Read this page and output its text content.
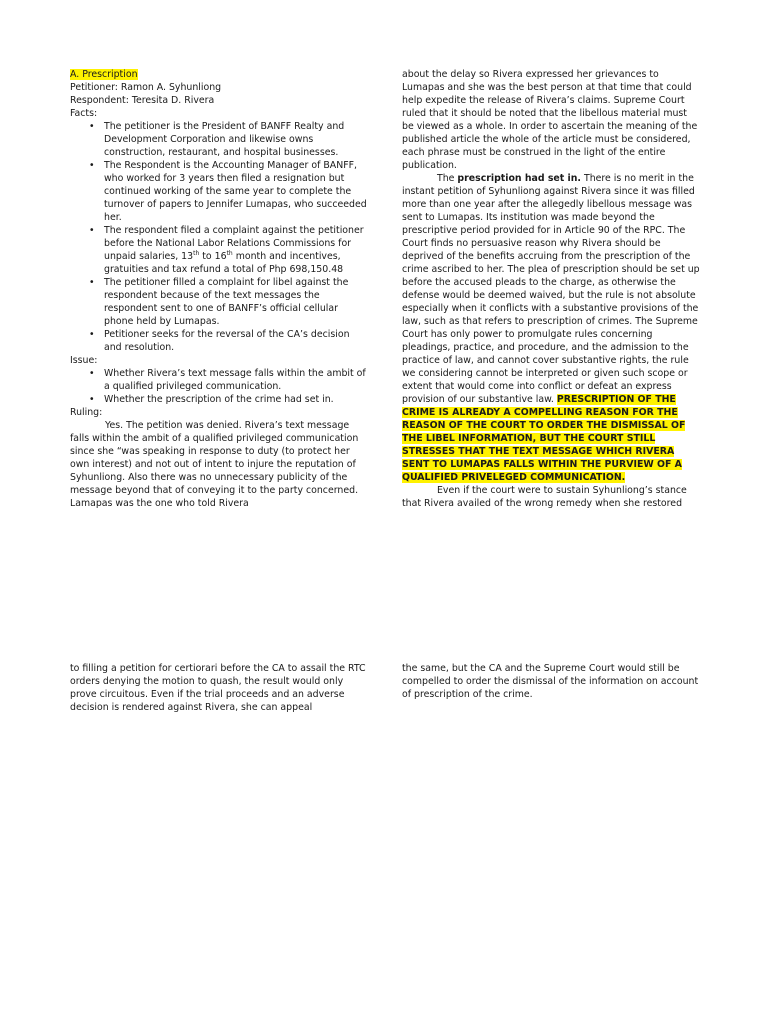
A. Prescription
Petitioner: Ramon A. Syhunliong
Respondent: Teresita D. Rivera
Facts:
• The petitioner is the President of BANFF Realty and Development Corporation and likewise owns construction, restaurant, and hospital businesses.
• The Respondent is the Accounting Manager of BANFF, who worked for 3 years then filed a resignation but continued working of the same year to complete the turnover of papers to Jennifer Lumapas, who succeeded her.
• The respondent filed a complaint against the petitioner before the National Labor Relations Commissions for unpaid salaries, 13th to 16th month and incentives, gratuities and tax refund a total of Php 698,150.48
• The petitioner filled a complaint for libel against the respondent because of the text messages the respondent sent to one of BANFF’s official cellular phone held by Lumapas.
• Petitioner seeks for the reversal of the CA’s decision and resolution.
Issue:
• Whether Rivera’s text message falls within the ambit of a qualified privileged communication.
• Whether the prescription of the crime had set in.
Ruling:

Yes. The petition was denied. Rivera’s text message falls within the ambit of a qualified privileged communication since she “was speaking in response to duty (to protect her own interest) and not out of intent to injure the reputation of Syhunliong. Also there was no unnecessary publicity of the message beyond that of conveying it to the party concerned. Lamapas was the one who told Rivera

about the delay so Rivera expressed her grievances to Lumapas and she was the best person at that time that could help expedite the release of Rivera’s claims. Supreme Court ruled that it should be noted that the libellous material must be viewed as a whole. In order to ascertain the meaning of the published article the whole of the article must be considered, each phrase must be construed in the light of the entire publication.

The prescription had set in. There is no merit in the instant petition of Syhunliong against Rivera since it was filled more than one year after the allegedly libellous message was sent to Lumapas. Its institution was made beyond the prescriptive period provided for in Article 90 of the RPC. The Court finds no persuasive reason why Rivera should be deprived of the benefits accruing from the prescription of the crime ascribed to her. The plea of prescription should be set up before the accused pleads to the charge, as otherwise the defense would be deemed waived, but the rule is not absolute especially when it conflicts with a substantive provisions of the law, such as that refers to prescription of crimes. The Supreme Court has only power to promulgate rules concerning pleadings, practice, and procedure, and the admission to the practice of law, and cannot cover substantive rights, the rule we considering cannot be interpreted or given such scope or extent that would come into conflict or defeat an express provision of our substantive law. PRESCRIPTION OF THE CRIME IS ALREADY A COMPELLING REASON FOR THE REASON OF THE COURT TO ORDER THE DISMISSAL OF THE LIBEL INFORMATION, BUT THE COURT STILL STRESSES THAT THE TEXT MESSAGE WHICH RIVERA SENT TO LUMAPAS FALLS WITHIN THE PURVIEW OF A QUALIFIED PRIVELEGED COMMUNICATION.

Even if the court were to sustain Syhunliong’s stance that Rivera availed of the wrong remedy when she restored

to filling a petition for certiorari before the CA to assail the RTC orders denying the motion to quash, the result would only prove circuitous. Even if the trial proceeds and an adverse decision is rendered against Rivera, she can appeal

the same, but the CA and the Supreme Court would still be compelled to order the dismissal of the information on account of prescription of the crime.
